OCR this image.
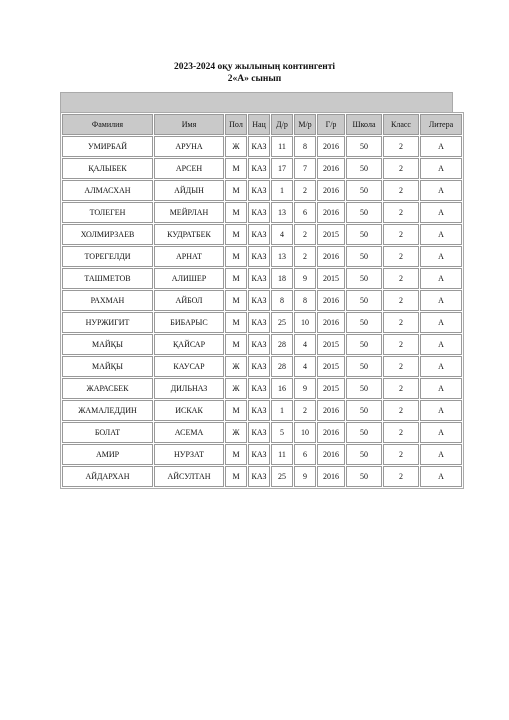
2023-2024 оқу жылының контингенті
2«А» сынып
Фамилия	Имя	Пол	Нац	Д/р	М/р	Г/р	Школа	Класс	Литера
УМИРБАЙ	АРУНА	Ж	КАЗ	11	8	2016	50	2	А
ҚАЛЫБЕК	АРСЕН	М	КАЗ	17	7	2016	50	2	А
АЛМАСХАН	АЙДЫН	М	КАЗ	1	2	2016	50	2	А
ТОЛЕГЕН	МЕЙРЛАН	М	КАЗ	13	6	2016	50	2	А
ХОЛМИРЗАЕВ	КУДРАТБЕК	М	КАЗ	4	2	2015	50	2	А
ТОРЕГЕЛДИ	АРНАТ	М	КАЗ	13	2	2016	50	2	А
ТАШМЕТОВ	АЛИШЕР	М	КАЗ	18	9	2015	50	2	А
РАХМАН	АЙБОЛ	М	КАЗ	8	8	2016	50	2	А
НУРЖИГИТ	БИБАРЫС	М	КАЗ	25	10	2016	50	2	А
МАЙҚЫ	ҚАЙСАР	М	КАЗ	28	4	2015	50	2	А
МАЙҚЫ	КАУСАР	Ж	КАЗ	28	4	2015	50	2	А
ЖАРАСБЕК	ДИЛЬНАЗ	Ж	КАЗ	16	9	2015	50	2	А
ЖАМАЛЕДДИН	ИСКАК	М	КАЗ	1	2	2016	50	2	А
БОЛАТ	АСЕМА	Ж	КАЗ	5	10	2016	50	2	А
АМИР	НУРЗАТ	М	КАЗ	11	6	2016	50	2	А
АЙДАРХАН	АЙСУЛТАН	М	КАЗ	25	9	2016	50	2	А
